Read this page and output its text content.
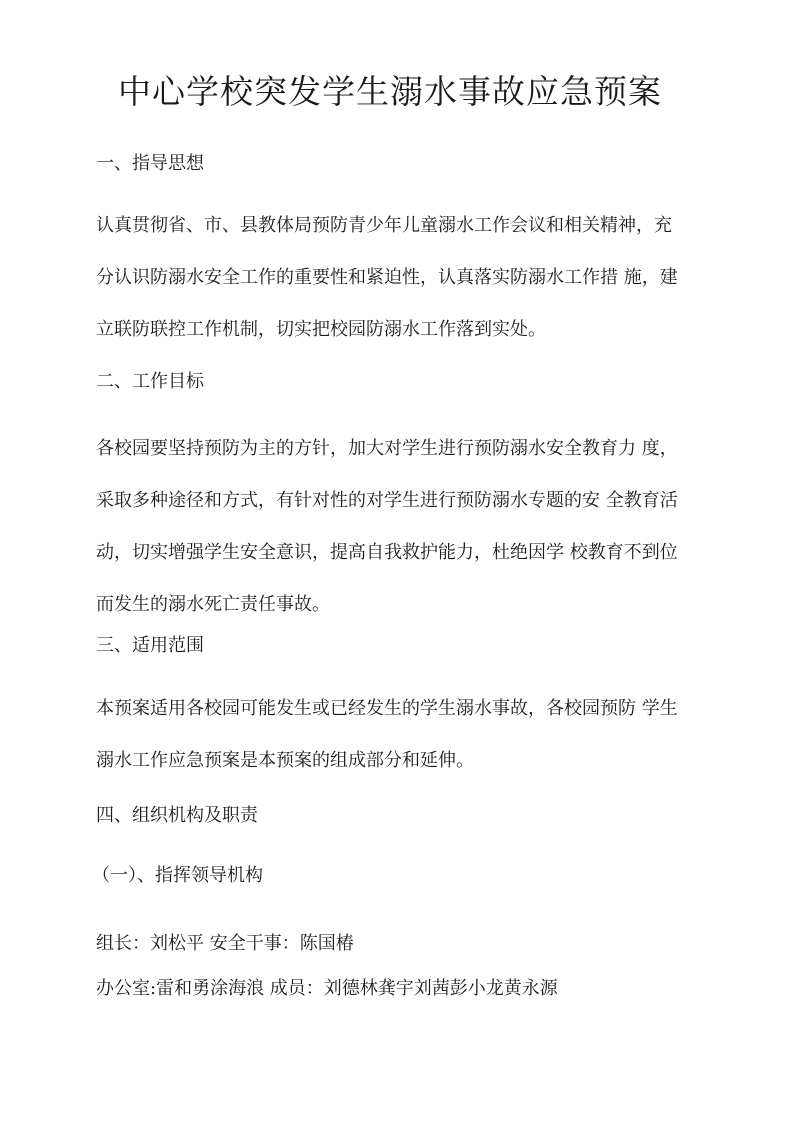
中心学校突发学生溺水事故应急预案
一、指导思想
认真贯彻省、市、县教体局预防青少年儿童溺水工作会议和相关精神，充
分认识防溺水安全工作的重要性和紧迫性，认真落实防溺水工作措 施，建
立联防联控工作机制，切实把校园防溺水工作落到实处。
二、工作目标
各校园要坚持预防为主的方针，加大对学生进行预防溺水安全教育力 度，
采取多种途径和方式，有针对性的对学生进行预防溺水专题的安 全教育活
动，切实增强学生安全意识，提高自我救护能力，杜绝因学 校教育不到位
而发生的溺水死亡责任事故。
三、适用范围
本预案适用各校园可能发生或已经发生的学生溺水事故，各校园预防 学生
溺水工作应急预案是本预案的组成部分和延伸。
四、组织机构及职责
（一）、指挥领导机构
组长：刘松平 安全干事：陈国椿
办公室:雷和勇涂海浪 成员：刘德林龚宇刘茜彭小龙黄永源
